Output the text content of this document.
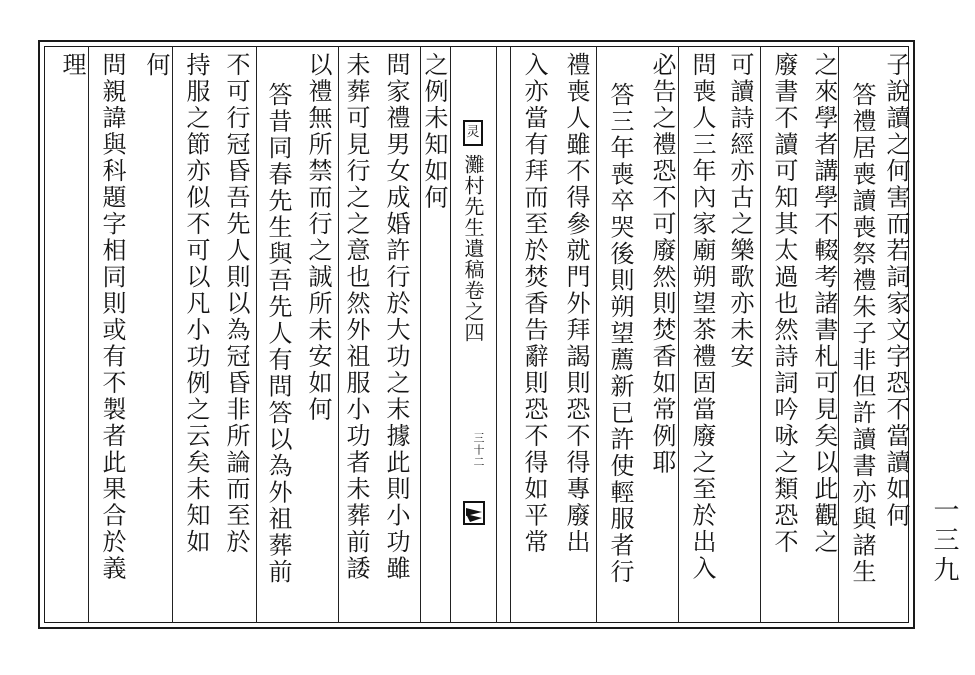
子說讀之何害而若詞家文字恐不當讀如何
答禮居喪讀喪祭禮朱子非但許讀書亦與諸生
之來學者講學不輟考諸書札可見矣以此觀之
廢書不讀可知其太過也然詩詞吟咏之類恐不
可讀詩經亦古之樂歌亦未安
問喪人三年內家廟朔望茶禮固當廢之至於出入
必告之禮恐不可廢然則焚香如常例耶
答三年喪卒哭後則朔望薦新已許使輕服者行
禮喪人雖不得參就門外拜謁則恐不得專廢出
入亦當有拜而至於焚香告辭則恐不得如平常
灘村先生遺稿卷之四
灵
三十二
之例未知如何
問家禮男女成婚許行於大功之末據此則小功雖
未葬可見行之之意也然外祖服小功者未葬前諉
以禮無所禁而行之誠所未安如何
答昔同春先生與吾先人有問答以為外祖葬前
不可行冠昏吾先人則以為冠昏非所論而至於
持服之節亦似不可以凡小功例之云矣未知如
何
問親諱與科題字相同則或有不製者此果合於義
理
一三九
